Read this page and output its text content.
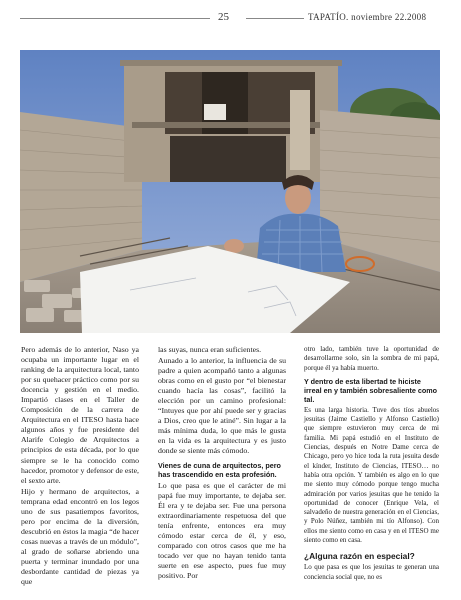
25	TAPATÍO. noviembre 22.2008

Pero además de lo anterior, Naso ya ocupaba un importante lugar en el ranking de la arquitectura local, tanto por su quehacer práctico como por su docencia y gestión en el medio. Impartió clases en el Taller de Composición de la carrera de Arquitectura en el ITESO hasta hace algunos años y fue presidente del Alarife Colegio de Arquitectos a principios de esta década, por lo que siempre se le ha conocido como hacedor, promotor y defensor de este, el sexto arte.

Hijo y hermano de arquitectos, a temprana edad encontró en los legos uno de sus pasatiempos favoritos, pero por encima de la diversión, descubrió en éstos la magia “de hacer cosas nuevas a través de un módulo”, al grado de soñarse abriendo una puerta y terminar inundado por una desbordante cantidad de piezas ya que

las suyas, nunca eran suficientes.

Aunado a lo anterior, la influencia de su padre a quien acompañó tanto a algunas obras como en el gusto por “el bienestar cuando hacía las cosas”, facilitó la elección por un camino profesional: “Intuyes que por ahí puede ser y gracias a Dios, creo que le atiné”. Sin lugar a la más mínima duda, lo que más le gusta en la vida es la arquitectura y es justo donde se siente más cómodo.

Vienes de cuna de arquitectos, pero has trascendido en esta profesión.

Lo que pasa es que el carácter de mi papá fue muy importante, te dejaba ser. Él era y te dejaba ser. Fue una persona extraordinariamente respetuosa del que tenía enfrente, entonces era muy cómodo estar cerca de él, y eso, comparado con otros casos que me ha tocado ver que no hayan tenido tanta suerte en ese aspecto, pues fue muy positivo. Por

otro lado, también tuve la oportunidad de desarrollarme solo, sin la sombra de mi papá, porque él ya había muerto.

Y dentro de esta libertad te hiciste irreal en y también sobresaliente como tal.

Es una larga historia. Tuve dos tíos abuelos jesuitas (Jaime Castiello y Alfonso Castiello) que siempre estuvieron muy cerca de mi familia. Mi papá estudió en el Instituto de Ciencias, después en Notre Dame cerca de Chicago, pero yo hice toda la ruta jesuita desde el kínder, Instituto de Ciencias, ITESO… no había otra opción. Y también es algo en lo que me siento muy cómodo porque tengo mucha admiración por varios jesuitas que he tenido la oportunidad de conocer (Enrique Vela, el salvadeño de nuestra generación en el Ciencias, y Polo Núñez, también mi tío Alfonso). Con ellos me siento como en casa y en el ITESO me siento como en casa.

¿Alguna razón en especial?

Lo que pasa es que los jesuitas te generan una conciencia social que, no es
